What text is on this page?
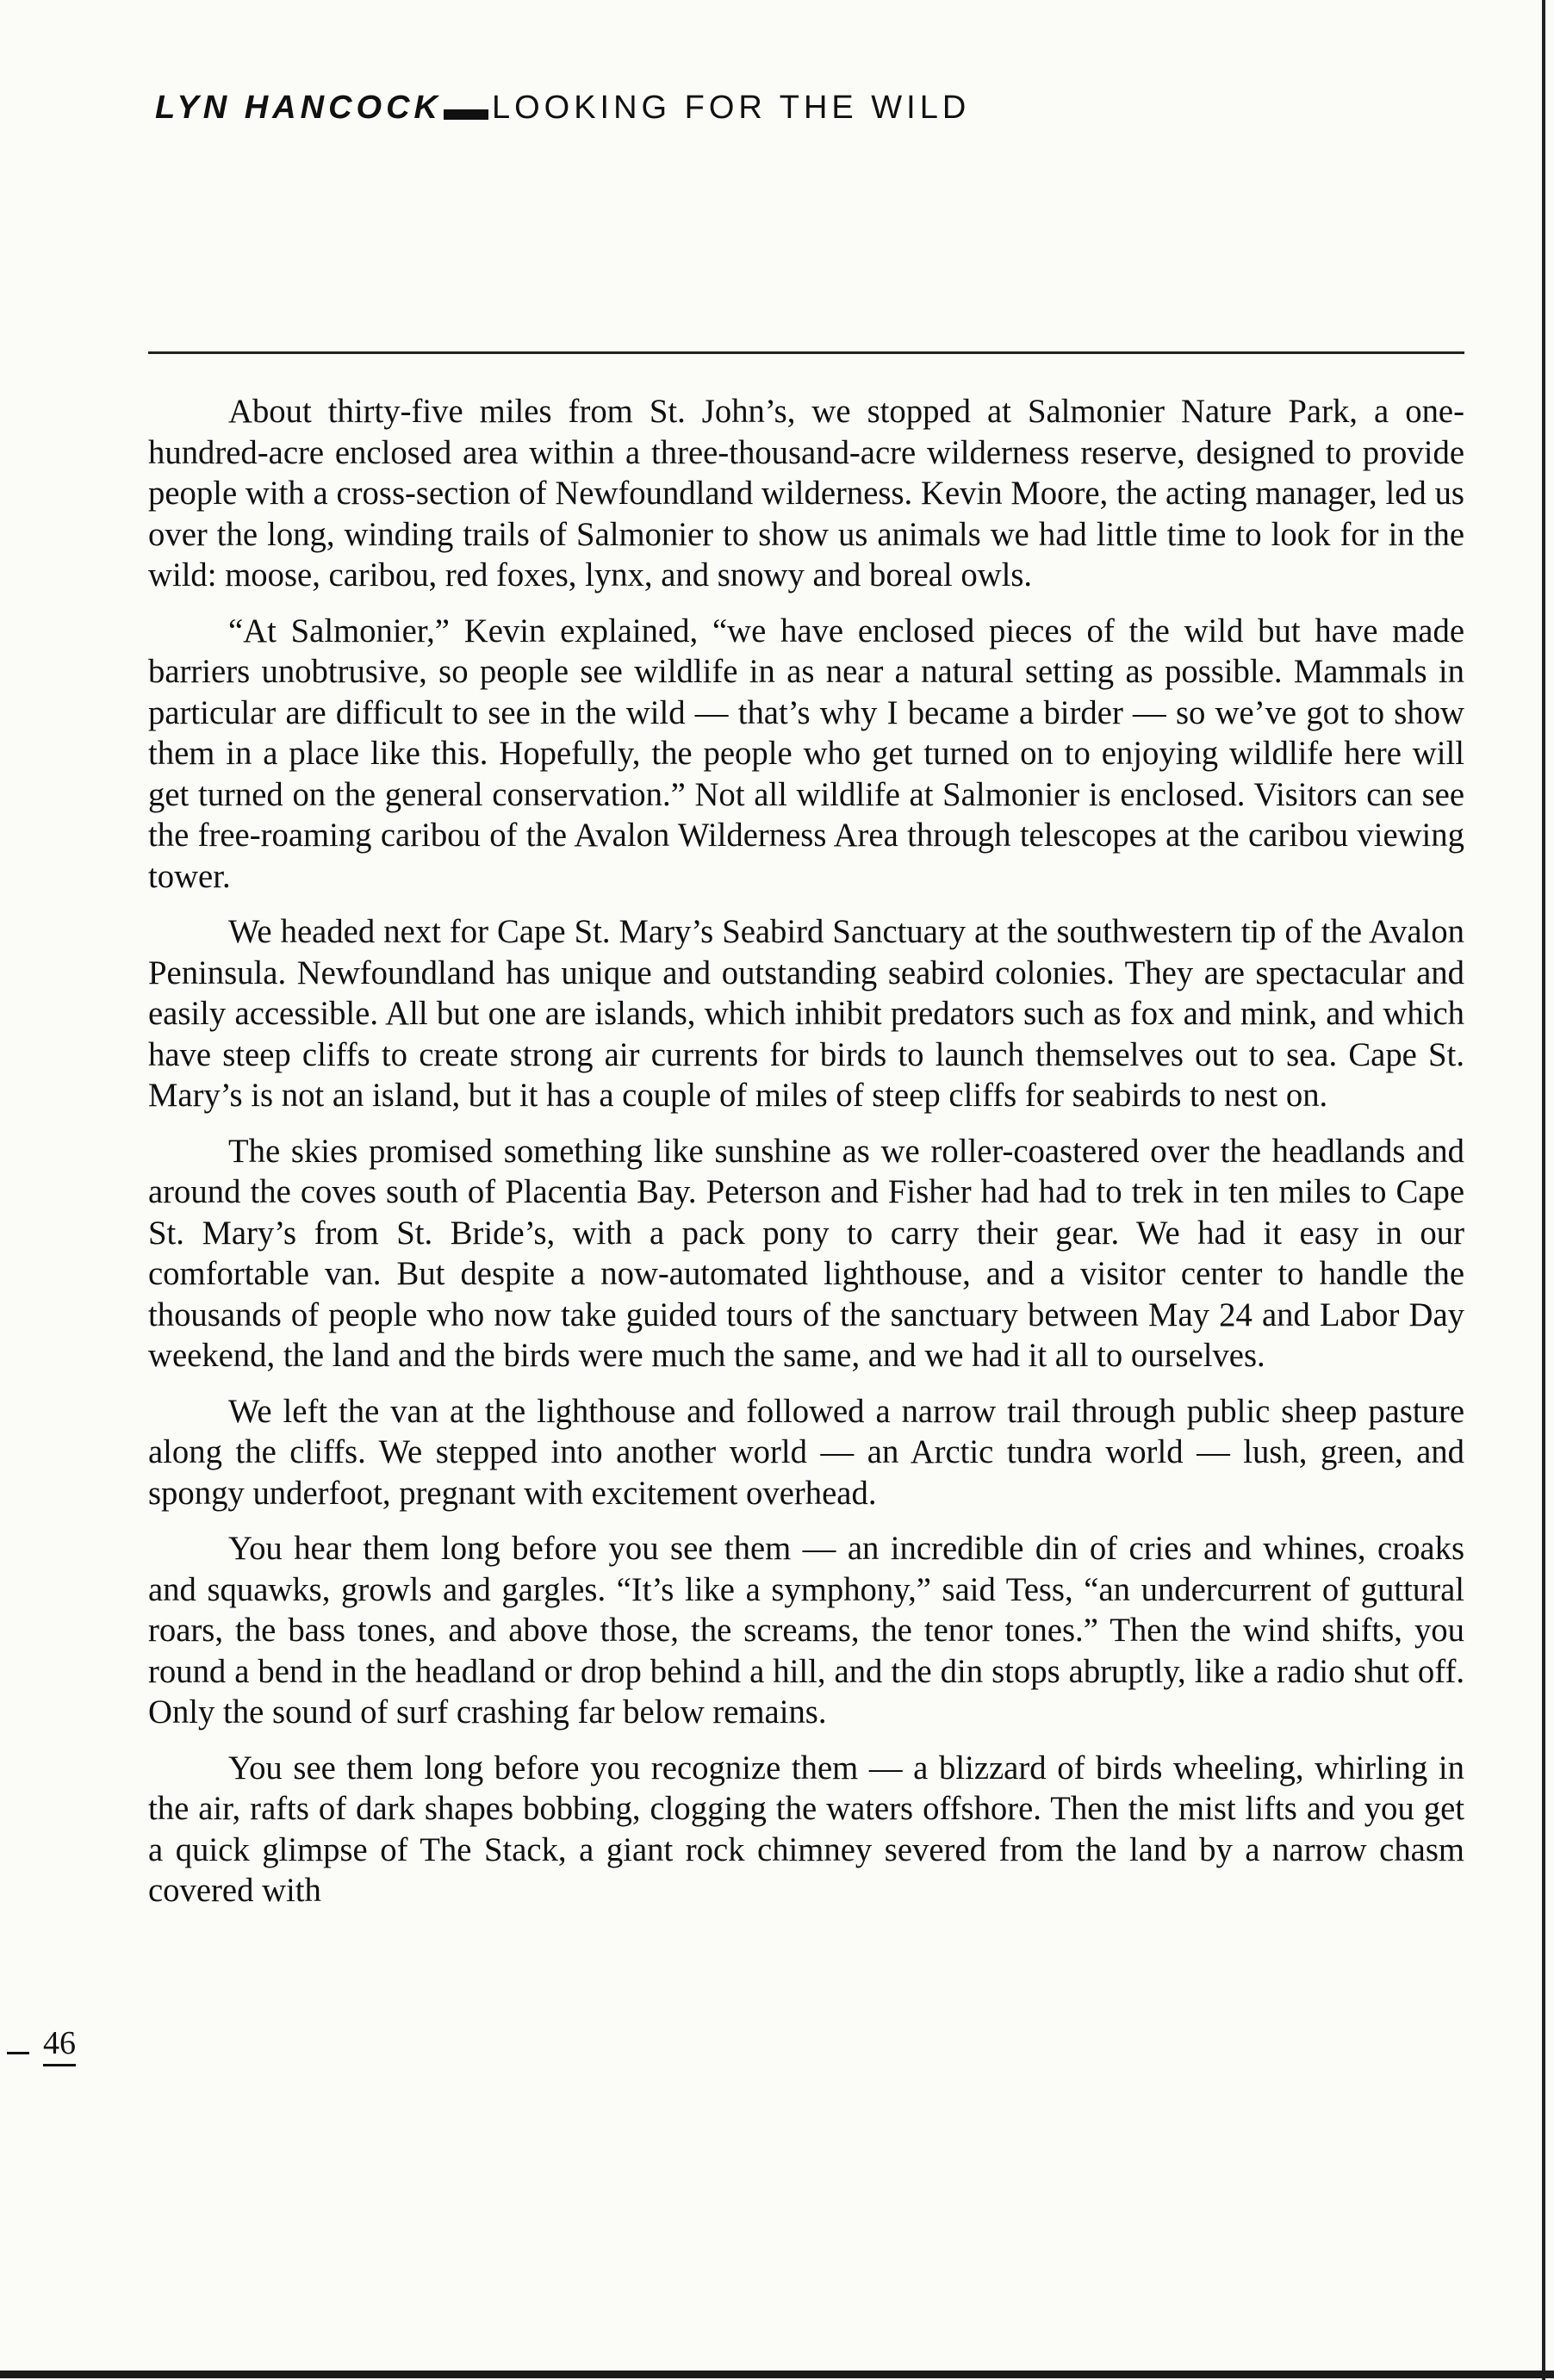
LYN HANCOCK LOOKING FOR THE WILD

About thirty-five miles from St. John’s, we stopped at Salmonier Nature Park, a one-hundred-acre enclosed area within a three-thousand-acre wilderness reserve, designed to provide people with a cross-section of Newfoundland wilderness. Kevin Moore, the acting manager, led us over the long, winding trails of Salmonier to show us animals we had little time to look for in the wild: moose, caribou, red foxes, lynx, and snowy and boreal owls.

“At Salmonier,” Kevin explained, “we have enclosed pieces of the wild but have made barriers unobtrusive, so people see wildlife in as near a natural setting as possible. Mammals in particular are difficult to see in the wild — that’s why I became a birder — so we’ve got to show them in a place like this. Hopefully, the people who get turned on to enjoying wildlife here will get turned on the general conservation.” Not all wildlife at Salmonier is enclosed. Visitors can see the free-roaming caribou of the Avalon Wilderness Area through telescopes at the caribou viewing tower.

We headed next for Cape St. Mary’s Seabird Sanctuary at the southwestern tip of the Avalon Peninsula. Newfoundland has unique and outstanding seabird colonies. They are spectacular and easily accessible. All but one are islands, which inhibit predators such as fox and mink, and which have steep cliffs to create strong air currents for birds to launch themselves out to sea. Cape St. Mary’s is not an island, but it has a couple of miles of steep cliffs for seabirds to nest on.

The skies promised something like sunshine as we roller-coastered over the headlands and around the coves south of Placentia Bay. Peterson and Fisher had had to trek in ten miles to Cape St. Mary’s from St. Bride’s, with a pack pony to carry their gear. We had it easy in our comfortable van. But despite a now-automated lighthouse, and a visitor center to handle the thousands of people who now take guided tours of the sanctuary between May 24 and Labor Day weekend, the land and the birds were much the same, and we had it all to ourselves.

We left the van at the lighthouse and followed a narrow trail through public sheep pasture along the cliffs. We stepped into another world — an Arctic tundra world — lush, green, and spongy underfoot, pregnant with excitement overhead.

You hear them long before you see them — an incredible din of cries and whines, croaks and squawks, growls and gargles. “It’s like a symphony,” said Tess, “an undercurrent of guttural roars, the bass tones, and above those, the screams, the tenor tones.” Then the wind shifts, you round a bend in the headland or drop behind a hill, and the din stops abruptly, like a radio shut off. Only the sound of surf crashing far below remains.

You see them long before you recognize them — a blizzard of birds wheeling, whirling in the air, rafts of dark shapes bobbing, clogging the waters offshore. Then the mist lifts and you get a quick glimpse of The Stack, a giant rock chimney severed from the land by a narrow chasm covered with

46
